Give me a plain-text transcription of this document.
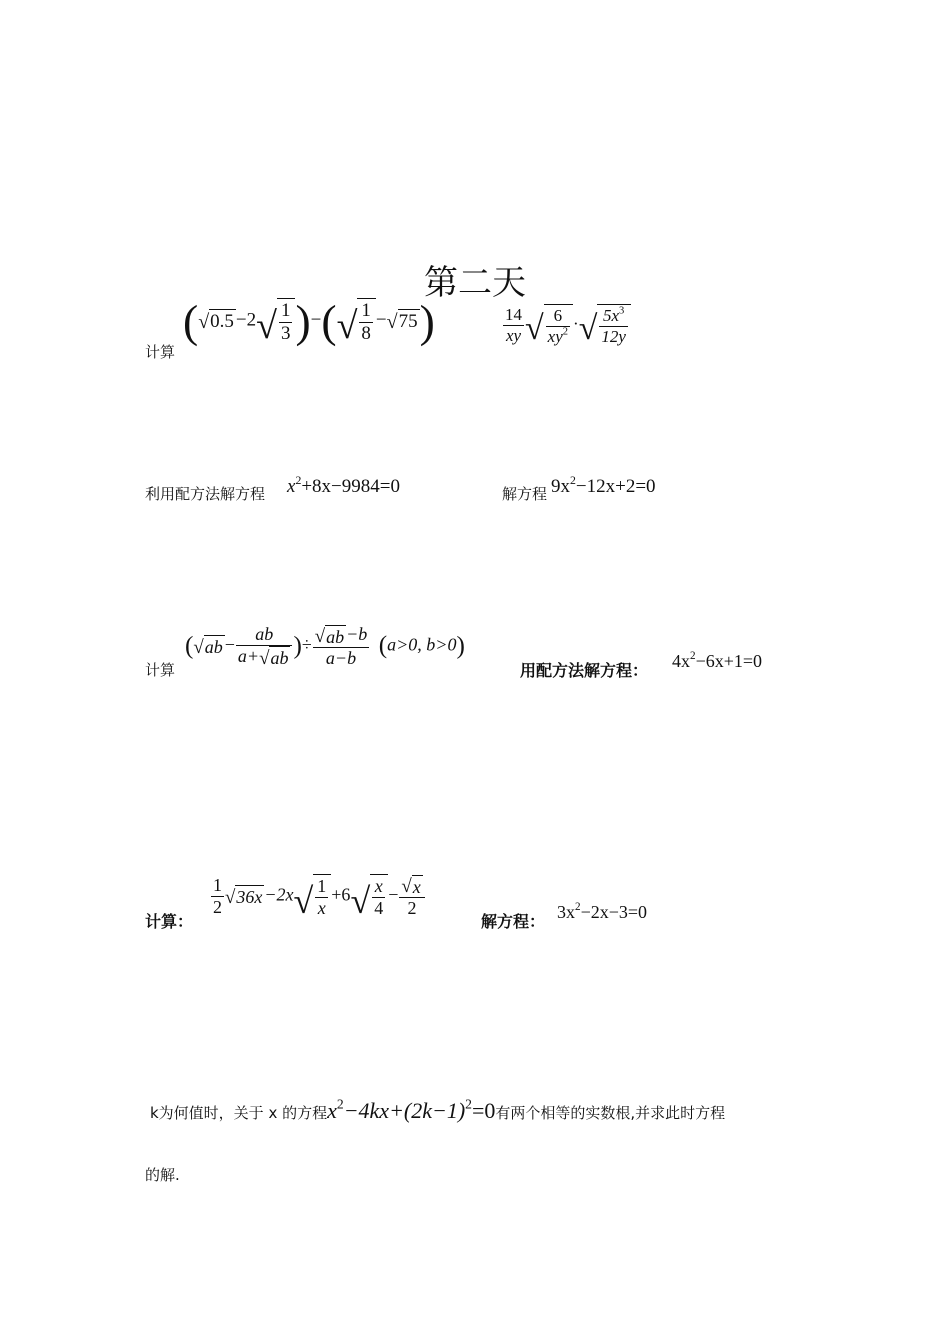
第二天
计算
( √ 0.5 −2 √ $\frac{1}{3}$ )−( √ $\frac{1}{8}$ − √ 75 )	$\frac{14}{xy}$ √ $\frac{6}{xy^2}$ · √ $\frac{5x^3}{12y}$
利用配方法解方程 $x^2+8x-9984=0$	解方程 $9x^2-12x+2=0$
计算
( √ ab − $\frac{ab}{a+ √ ab}$ )÷ $\frac{√ ab -b}{a-b} (a>0$, b>0)
用配方法解方程： $4x^2-6x+1=0$
计算：
$\frac{1}{2}$ √ 36x −2x √ $\frac{1}{x} +6$ √ $\frac{x}{4} - \frac{√ x}{2}$
解方程： $3x^2-2x-3=0$
k为何值时，关于 x 的方程$x^2-4kx+(2k-1)^2=0$有两个相等的实数根,并求此时方程
的解.
